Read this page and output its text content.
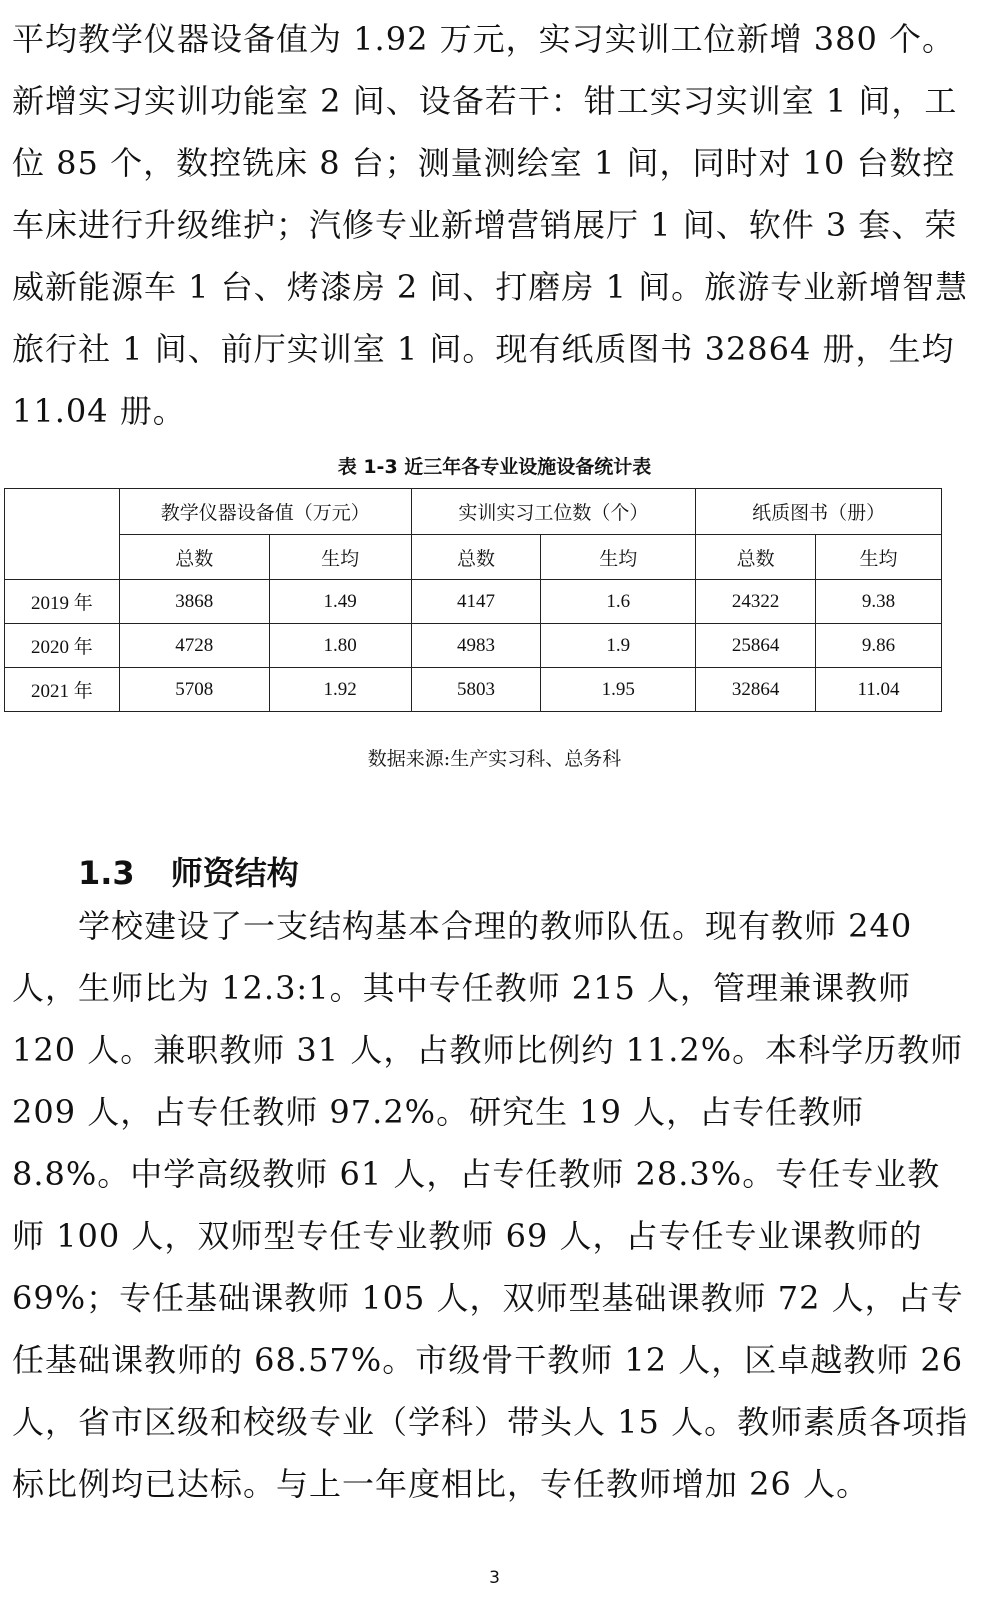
平均教学仪器设备值为 1.92 万元，实习实训工位新增 380 个。新增实习实训功能室 2 间、设备若干：钳工实习实训室 1 间，工位 85 个，数控铣床 8 台；测量测绘室 1 间，同时对 10 台数控车床进行升级维护；汽修专业新增营销展厅 1 间、软件 3 套、荣威新能源车 1 台、烤漆房 2 间、打磨房 1 间。旅游专业新增智慧旅行社 1 间、前厅实训室 1 间。现有纸质图书 32864 册，生均 11.04 册。

表 1-3 近三年各专业设施设备统计表
	教学仪器设备值（万元）		实训实习工位数（个）		纸质图书（册）	
	总数	生均	总数	生均	总数	生均
2019 年	3868	1.49	4147	1.6	24322	9.38
2020 年	4728	1.80	4983	1.9	25864	9.86
2021 年	5708	1.92	5803	1.95	32864	11.04
数据来源:生产实习科、总务科
1.3 师资结构

学校建设了一支结构基本合理的教师队伍。现有教师 240 人，生师比为 12.3:1。其中专任教师 215 人，管理兼课教师 120 人。兼职教师 31 人，占教师比例约 11.2%。本科学历教师 209 人，占专任教师 97.2%。研究生 19 人，占专任教师 8.8%。中学高级教师 61 人，占专任教师 28.3%。专任专业教师 100 人，双师型专任专业教师 69 人，占专任专业课教师的 69%；专任基础课教师 105 人，双师型基础课教师 72 人，占专任基础课教师的 68.57%。市级骨干教师 12 人，区卓越教师 26 人，省市区级和校级专业（学科）带头人 15 人。教师素质各项指标比例均已达标。与上一年度相比，专任教师增加 26 人。

3
